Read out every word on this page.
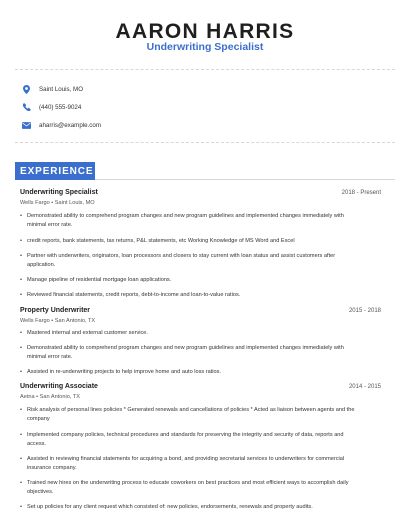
AARON HARRIS
Underwriting Specialist
Saint Louis, MO
(440) 555-9024
aharris@example.com
EXPERIENCE
Underwriting Specialist	2018 - Present
Wells Fargo • Saint Louis, MO
• Demonstrated ability to comprehend program changes and new program guidelines and implemented changes immediately with minimal error rate.
• credit reports, bank statements, tax returns, P&L statements, etc Working Knowledge of MS Word and Excel
• Partner with underwriters, originators, loan processors and closers to stay current with loan status and assist customers after application.
• Manage pipeline of residential mortgage loan applications.
• Reviewed financial statements, credit reports, debt-to-income and loan-to-value ratios.
Property Underwriter	2015 - 2018
Wells Fargo • San Antonio, TX
• Mastered internal and external customer service.
• Demonstrated ability to comprehend program changes and new program guidelines and implemented changes immediately with minimal error rate.
• Assisted in re-underwriting projects to help improve home and auto loss ratios.
Underwriting Associate	2014 - 2015
Aetna • San Antonio, TX
• Risk analysis of personal lines policies * Generated renewals and cancellations of policies * Acted as liaison between agents and the company
• Implemented company policies, technical procedures and standards for preserving the integrity and security of data, reports and access.
• Assisted in reviewing financial statements for acquiring a bond, and providing secretarial services to underwriters for commercial insurance company.
• Trained new hires on the underwriting process to educate coworkers on best practices and most efficient ways to accomplish daily objectives.
• Set up policies for any client request which consisted of: new policies, endorsements, renewals and property audits.
